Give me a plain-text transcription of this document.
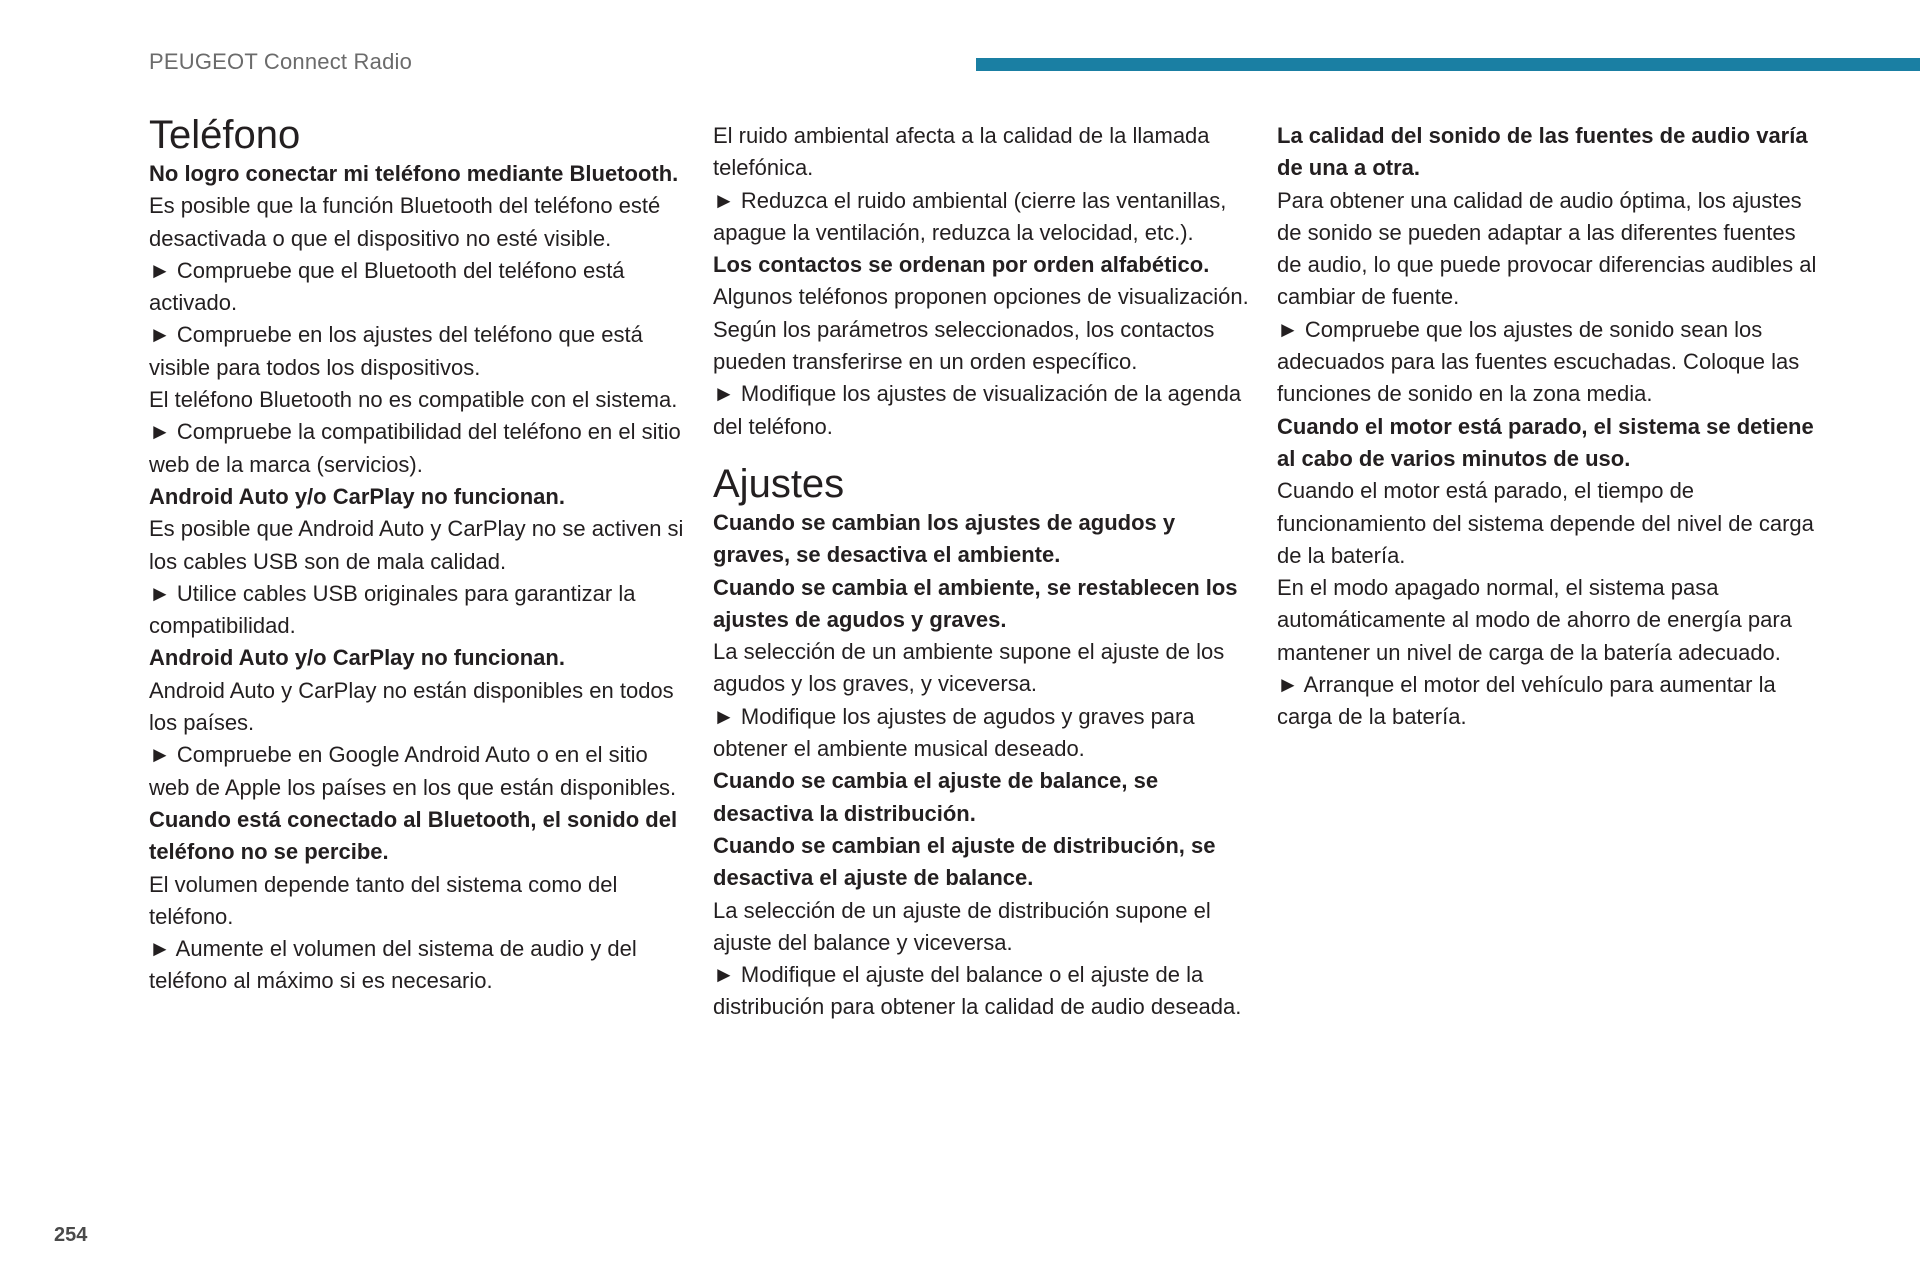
PEUGEOT Connect Radio
Teléfono

No logro conectar mi teléfono mediante Bluetooth.

Es posible que la función Bluetooth del teléfono esté desactivada o que el dispositivo no esté visible.

► Compruebe que el Bluetooth del teléfono está activado.

► Compruebe en los ajustes del teléfono que está visible para todos los dispositivos.

El teléfono Bluetooth no es compatible con el sistema.

► Compruebe la compatibilidad del teléfono en el sitio web de la marca (servicios).

Android Auto y/o CarPlay no funcionan.

Es posible que Android Auto y CarPlay no se activen si los cables USB son de mala calidad.

► Utilice cables USB originales para garantizar la compatibilidad.

Android Auto y/o CarPlay no funcionan.

Android Auto y CarPlay no están disponibles en todos los países.

► Compruebe en Google Android Auto o en el sitio web de Apple los países en los que están disponibles.

Cuando está conectado al Bluetooth, el sonido del teléfono no se percibe.

El volumen depende tanto del sistema como del teléfono.

► Aumente el volumen del sistema de audio y del teléfono al máximo si es necesario.

El ruido ambiental afecta a la calidad de la llamada telefónica.

► Reduzca el ruido ambiental (cierre las ventanillas, apague la ventilación, reduzca la velocidad, etc.).

Los contactos se ordenan por orden alfabético.

Algunos teléfonos proponen opciones de visualización. Según los parámetros seleccionados, los contactos pueden transferirse en un orden específico.

► Modifique los ajustes de visualización de la agenda del teléfono.

Ajustes

Cuando se cambian los ajustes de agudos y graves, se desactiva el ambiente.

Cuando se cambia el ambiente, se restablecen los ajustes de agudos y graves.

La selección de un ambiente supone el ajuste de los agudos y los graves, y viceversa.

► Modifique los ajustes de agudos y graves para obtener el ambiente musical deseado.

Cuando se cambia el ajuste de balance, se desactiva la distribución.

Cuando se cambian el ajuste de distribución, se desactiva el ajuste de balance.

La selección de un ajuste de distribución supone el ajuste del balance y viceversa.

► Modifique el ajuste del balance o el ajuste de la distribución para obtener la calidad de audio deseada.

La calidad del sonido de las fuentes de audio varía de una a otra.

Para obtener una calidad de audio óptima, los ajustes de sonido se pueden adaptar a las diferentes fuentes de audio, lo que puede provocar diferencias audibles al cambiar de fuente.

► Compruebe que los ajustes de sonido sean los adecuados para las fuentes escuchadas. Coloque las funciones de sonido en la zona media.

Cuando el motor está parado, el sistema se detiene al cabo de varios minutos de uso.

Cuando el motor está parado, el tiempo de funcionamiento del sistema depende del nivel de carga de la batería.

En el modo apagado normal, el sistema pasa automáticamente al modo de ahorro de energía para mantener un nivel de carga de la batería adecuado.

► Arranque el motor del vehículo para aumentar la carga de la batería.

254
